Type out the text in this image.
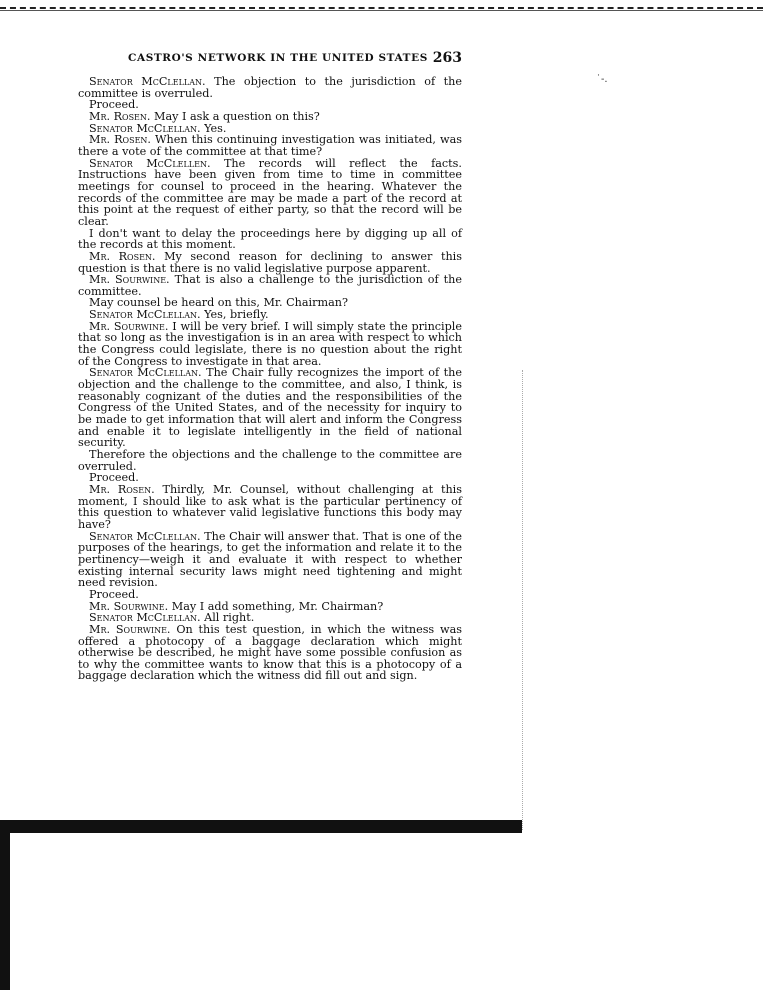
CASTRO'S NETWORK IN THE UNITED STATES 263
˙-.

Senator McClellan. The objection to the jurisdiction of the committee is overruled.

Proceed.

Mr. Rosen. May I ask a question on this?

Senator McClellan. Yes.

Mr. Rosen. When this continuing investigation was initiated, was there a vote of the committee at that time?

Senator McClellen. The records will reflect the facts. Instructions have been given from time to time in committee meetings for counsel to proceed in the hearing. Whatever the records of the committee are may be made a part of the record at this point at the request of either party, so that the record will be clear.

I don't want to delay the proceedings here by digging up all of the records at this moment.

Mr. Rosen. My second reason for declining to answer this question is that there is no valid legislative purpose apparent.

Mr. Sourwine. That is also a challenge to the jurisdiction of the committee.

May counsel be heard on this, Mr. Chairman?

Senator McClellan. Yes, briefly.

Mr. Sourwine. I will be very brief. I will simply state the principle that so long as the investigation is in an area with respect to which the Congress could legislate, there is no question about the right of the Congress to investigate in that area.

Senator McClellan. The Chair fully recognizes the import of the objection and the challenge to the committee, and also, I think, is reasonably cognizant of the duties and the responsibilities of the Congress of the United States, and of the necessity for inquiry to be made to get information that will alert and inform the Congress and enable it to legislate intelligently in the field of national security.

Therefore the objections and the challenge to the committee are overruled.

Proceed.

Mr. Rosen. Thirdly, Mr. Counsel, without challenging at this moment, I should like to ask what is the particular pertinency of this question to whatever valid legislative functions this body may have?

Senator McClellan. The Chair will answer that. That is one of the purposes of the hearings, to get the information and relate it to the pertinency—weigh it and evaluate it with respect to whether existing internal security laws might need tightening and might need revision.

Proceed.

Mr. Sourwine. May I add something, Mr. Chairman?

Senator McClellan. All right.

Mr. Sourwine. On this test question, in which the witness was offered a photocopy of a baggage declaration which might otherwise be described, he might have some possible confusion as to why the committee wants to know that this is a photocopy of a baggage declaration which the witness did fill out and sign.
